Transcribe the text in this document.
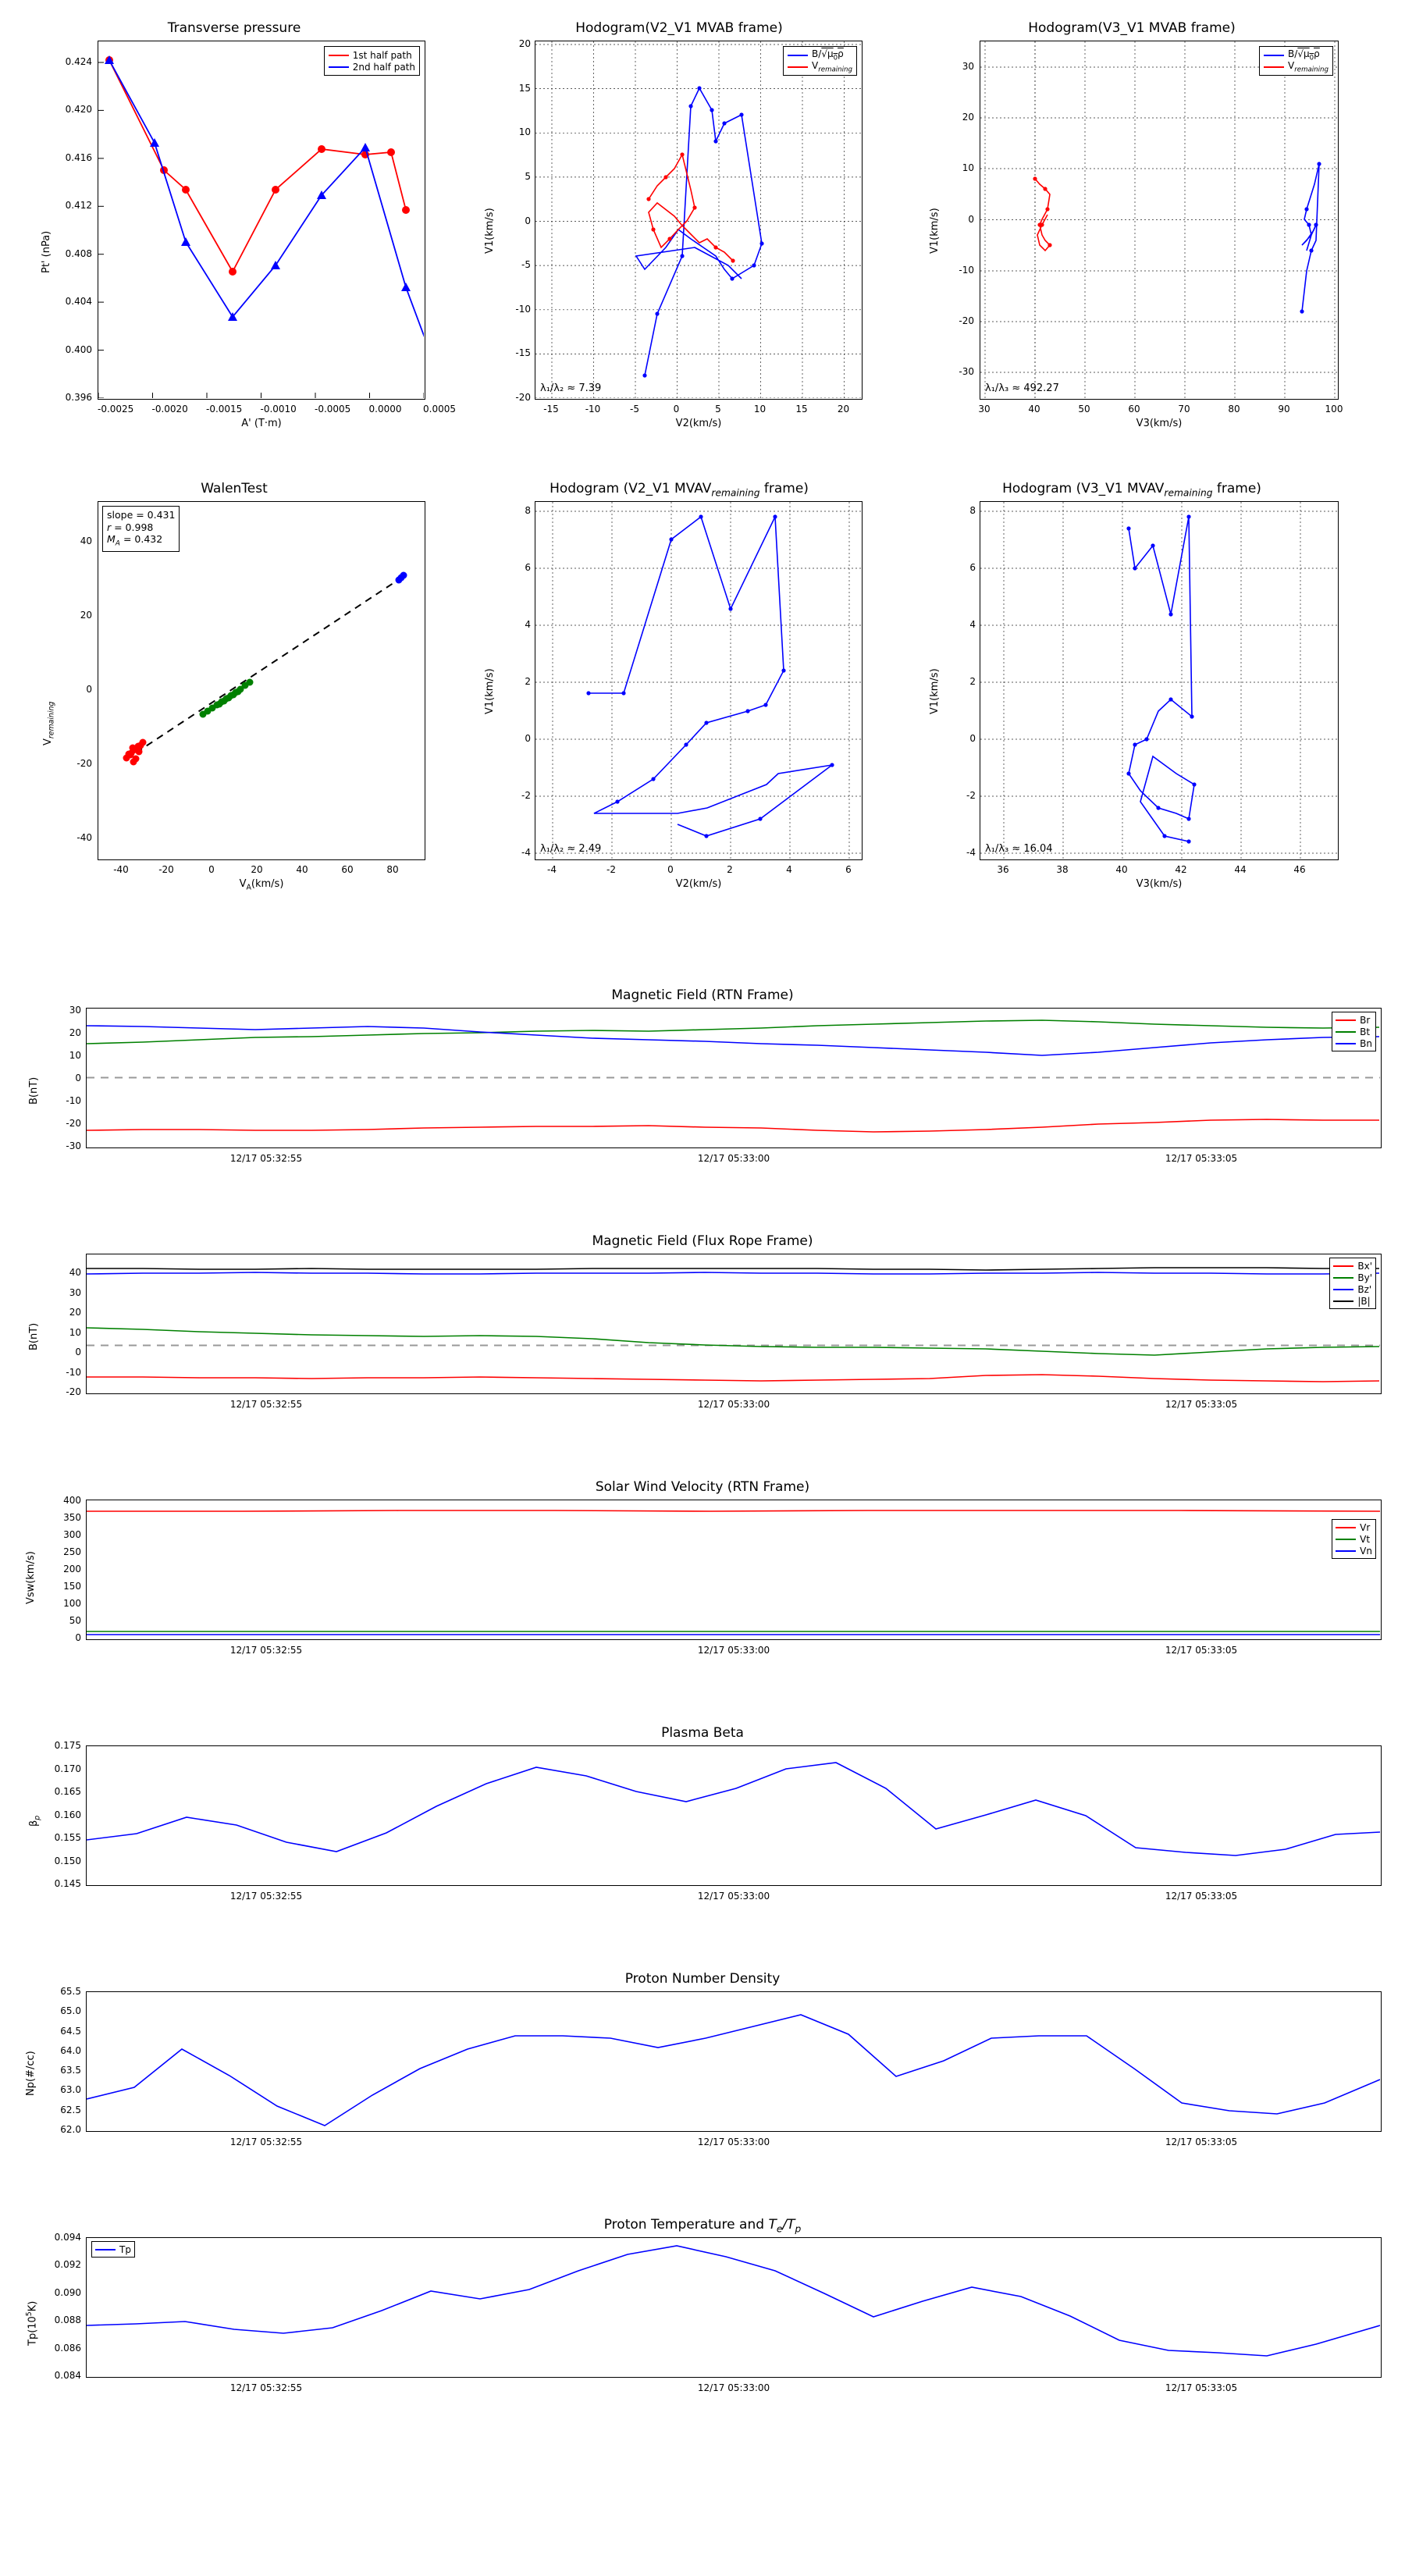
Transverse pressure
1st half path
2nd half path
-0.0025 -0.0020 -0.0015 -0.0010 -0.0005 0.0000 0.0005
0.396
0.400
0.404
0.408
0.412
0.416
0.420
0.424
A' (T·m)
Pt' (nPa)
Hodogram(V2_V1 MVAB frame)
$B/√\mu_0\rho$
$V_{remaining}$
λ₁/λ₂ ≈ 7.39
-15	-10	-5	0	5	10	15	20
-20
-15
-10
-5
0
5
10
15
20
V2(km/s)
V1(km/s)
Hodogram(V3_V1 MVAB frame)
$B/√\mu_0\rho$
$V_{remaining}$
λ₁/λ₃ ≈ 492.27
30	40	50	60	70	80	90	100
-30
-20
-10
0
10
20
30
V3(km/s)
V1(km/s)
WalenTest
slope = 0.431
r = 0.998
$M_A = 0.432$
-40	-20	0	20	40	60	80
-40
-20
0
20
40
$V_A(km/s)$
$V_{remaining}$
Hodogram (V2_V1 $MVAV_{remaining}$ frame)
λ₁/λ₂ ≈ 2.49
-4	-2	0	2	4	6
-4
-2
0
2
4
6
8
V2(km/s)
V1(km/s)
Hodogram (V3_V1 $MVAV_{remaining}$ frame)
λ₁/λ₃ ≈ 16.04
36	38	40	42	44	46
-4
-2
0
2
4
6
8
V3(km/s)
V1(km/s)
Magnetic Field (RTN Frame)
Br
Bt
Bn
-30
-20
-10
0
10
20
30
12/17 05:32:55	12/17 05:33:00	12/17 05:33:05
B(nT)
Magnetic Field (Flux Rope Frame)
Bx'
By'
Bz'
|B|
-20
-10
0
10
20
30
40
12/17 05:32:55	12/17 05:33:00	12/17 05:33:05
B(nT)
Solar Wind Velocity (RTN Frame)
Vr
Vt
Vn
0
50
100
150
200
250
300
350
400
12/17 05:32:55	12/17 05:33:00	12/17 05:33:05
Vsw(km/s)
Plasma Beta
0.145
0.150
0.155
0.160
0.165
0.170
0.175
12/17 05:32:55	12/17 05:33:00	12/17 05:33:05
$\beta_p$
Proton Number Density
62.0
62.5
63.0
63.5
64.0
64.5
65.0
65.5
12/17 05:32:55	12/17 05:33:00	12/17 05:33:05
Np(#/cc)
Proton Temperature and $T_e/T_p$
Tp
0.084
0.086
0.088
0.090
0.092
0.094
12/17 05:32:55	12/17 05:33:00	12/17 05:33:05
$Tp(10^5K)$
